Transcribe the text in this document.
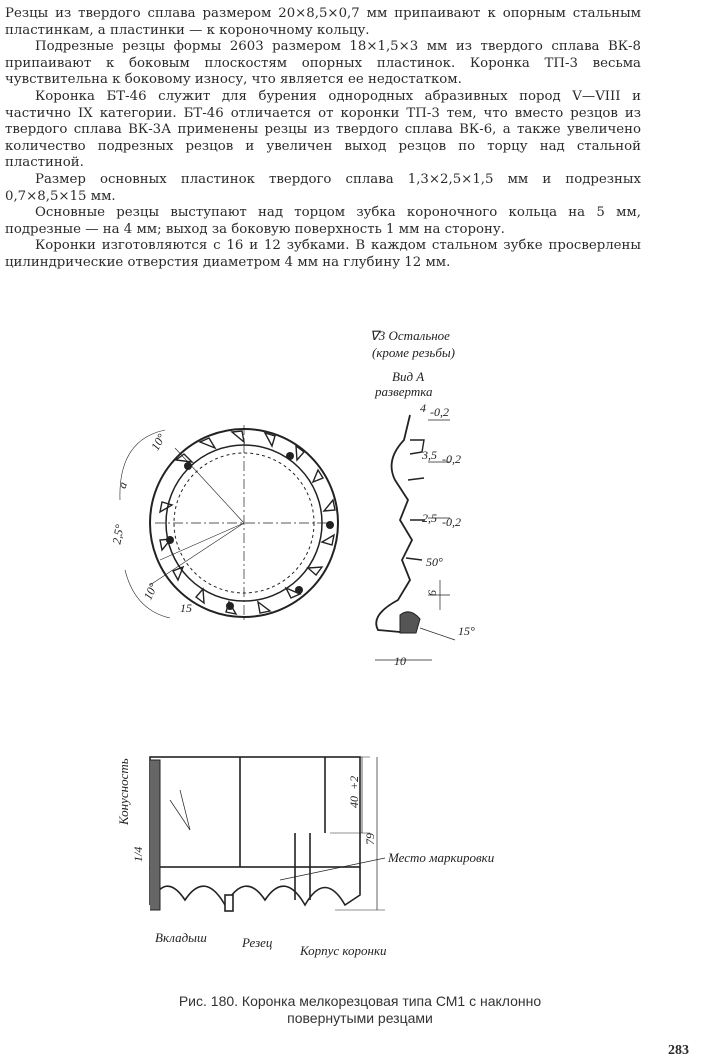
Резцы из твердого сплава размером 20×8,5×0,7 мм припаивают к опорным стальным пластинкам, а пластинки — к короночному кольцу.

Подрезные резцы формы 2603 размером 18×1,5×3 мм из твердого сплава ВК-8 припаивают к боковым плоскостям опорных пластинок. Коронка ТП-3 весьма чувствительна к боковому износу, что является ее недостатком.

Коронка БТ-46 служит для бурения однородных абразивных пород V—VIII и частично IX категории. БТ-46 отличается от коронки ТП-3 тем, что вместо резцов из твердого сплава ВК-3А применены резцы из твердого сплава ВК-6, а также увеличено количество подрезных резцов и увеличен выход резцов по торцу над стальной пластиной.

Размер основных пластинок твердого сплава 1,3×2,5×1,5 мм и подрезных 0,7×8,5×15 мм.

Основные резцы выступают над торцом зубка короночного кольца на 5 мм, подрезные — на 4 мм; выход за боковую поверхность 1 мм на сторону.

Коронки изготовляются с 16 и 12 зубками. В каждом стальном зубке просверлены цилиндрические отверстия диаметром 4 мм на глубину 12 мм.

10°
a
2,5°
10°
15
∇3 Остальное
(кроме резьбы)
Вид А
развертка
4 -0,2
3,5 -0,2
2,5 -0,2
50°
6
15°
10
Конусность
1/4
40
+2
79
Место маркировки
Вкладыш	Резец
Корпус коронки
Рис. 180. Коронка мелкорезцовая типа СМ1 с наклонно
повернутыми резцами
283
